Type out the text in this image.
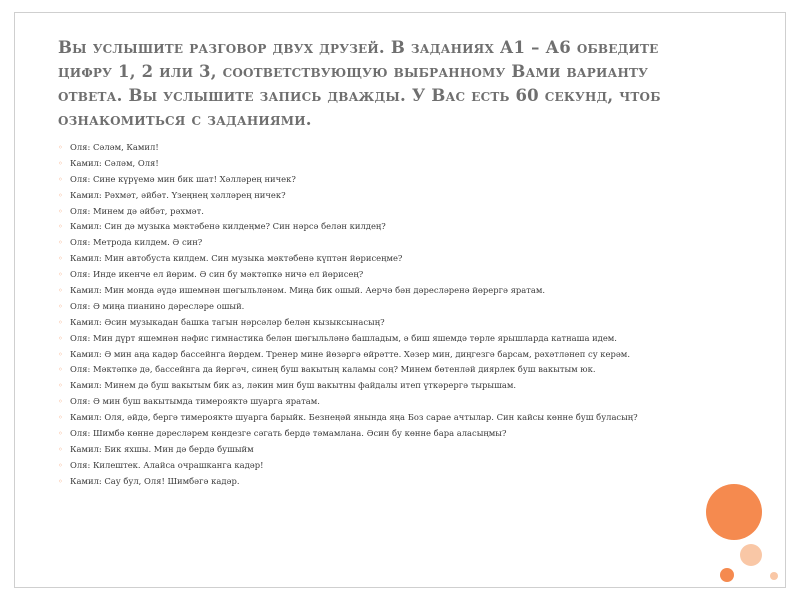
Вы услышите разговор двух друзей. В заданиях А1 – А6 обведите цифру 1, 2 или 3, соответствующую выбранному Вами варианту ответа. Вы услышите запись дважды. У Вас есть 60 секунд, чтоб ознакомиться с заданиями.
◦ Оля: Сәләм, Камил!
◦ Камил: Сәләм, Оля!
◦ Оля: Сине күрүемә мин бик шат! Хәлләрең ничек?
◦ Камил: Рәхмәт, әйбәт. Үзеңнең хәлләрең ничек?
◦ Оля: Минем дә әйбәт, рәхмәт.
◦ Камил: Син дә музыка мәктәбенә килдеңме? Син нәрсә белән килдең?
◦ Оля: Метрода килдем. Ә син?
◦ Камил: Мин автобуста килдем. Син музыка мәктәбенә күптән йөрисеңме?
◦ Оля: Инде икенче ел йөрим. Ә син бу мәктәпкә ничә ел йөрисең?
◦ Камил: Мин монда әүдә ишемнән шөгыльләнәм. Миңа бик ошый. Аерчә бән дәресләренә йөрергә яратам.
◦ Оля: Ә миңа пианино дәресләре ошый.
◦ Камил: Әсин музыкадан башка тагын нәрсәләр белән кызыксынасың?
◦ Оля: Мин дүрт яшемнән нәфис гимнастика белән шөгыльләнә башладым, ә биш яшемдә төрле ярышларда катнаша идем.
◦ Камил: Ә мин аңа кадәр бассейнга йөрдем. Тренер мине йөзәргә өйрәтте. Хәзер мин, диңгезгә барсам, рәхәтләнеп су керәм.
◦ Оля: Мәктәпкә дә, бассейнга да йөргәч, синең буш вакытың каламы соң? Минем бөтенләй диярлек буш вакытым юк.
◦ Камил: Минем дә буш вакытым бик аз, ләкин мин буш вакытны файдалы итеп үткәрергә тырышам.
◦ Оля: Ә мин буш вакытымда тимерояктә шуарга яратам.
◦ Камил: Оля, әйдә, бергә тимерояктә шуарга барыйк. Безнеңәй янында яңа Боз сарае ачтылар. Син кайсы көнне буш буласың?
◦ Оля: Шимбә көнне дәресләрем көндезге сәгать бердә тәмамлана. Әсин бу көнне бара аласыңмы?
◦ Камил: Бик яхшы. Мин дә бердә бушыйм
◦ Оля: Килештек. Алайса очрашканга кадәр!
◦ Камил: Сау бул, Оля! Шимбәгә кадәр.
